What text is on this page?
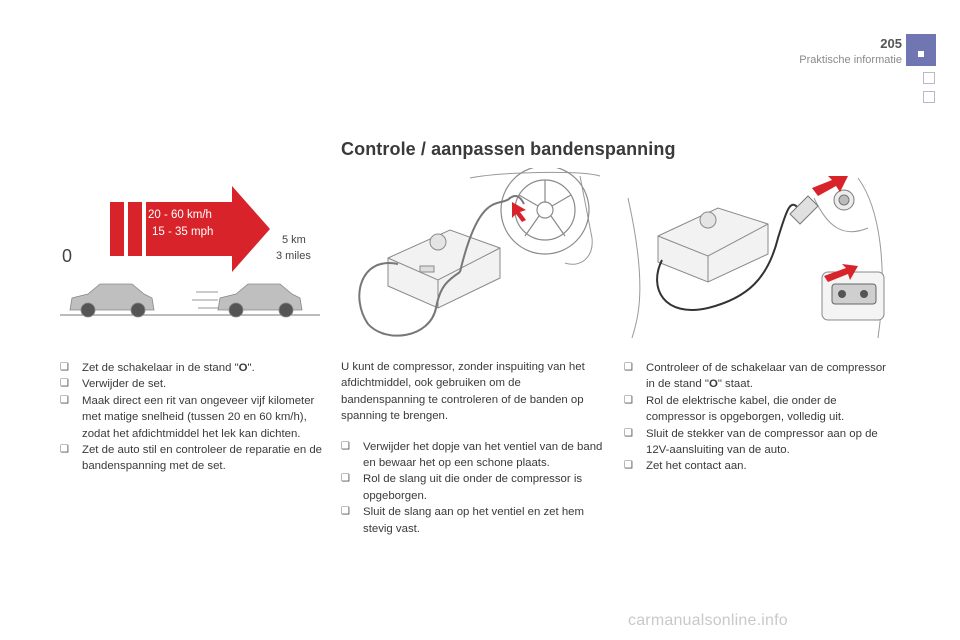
205
Praktische informatie
Controle / aanpassen bandenspanning
20 - 60 km/h
15 - 35 mph
5 km
3 miles
0
❑ Zet de schakelaar in de stand "O".
❑ Verwijder de set.
❑ Maak direct een rit van ongeveer vijf kilometer met matige snelheid (tussen 20 en 60 km/h), zodat het afdichtmiddel het lek kan dichten.
❑ Zet de auto stil en controleer de reparatie en de bandenspanning met de set.

U kunt de compressor, zonder inspuiting van het afdichtmiddel, ook gebruiken om de bandenspanning te controleren of de banden op spanning te brengen.

❑ Verwijder het dopje van het ventiel van de band en bewaar het op een schone plaats.
❑ Rol de slang uit die onder de compressor is opgeborgen.
❑ Sluit de slang aan op het ventiel en zet hem stevig vast.
❑ Controleer of de schakelaar van de compressor in de stand "O" staat.
❑ Rol de elektrische kabel, die onder de compressor is opgeborgen, volledig uit.
❑ Sluit de stekker van de compressor aan op de 12V-aansluiting van de auto.
❑ Zet het contact aan.
carmanualsonline.info
